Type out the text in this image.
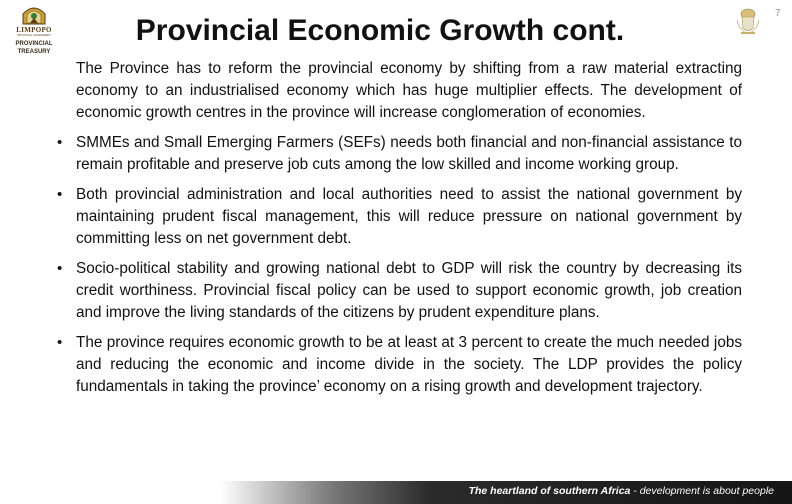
LIMPOPO
PROVINCIAL GOVERNMENT
PROVINCIAL TREASURY
Provincial Economic Growth cont.
7
The Province has to reform the provincial economy by shifting from a raw material extracting economy to an industrialised economy which has huge multiplier effects. The development of economic growth centres in the province will increase conglomeration of economies.
• SMMEs and Small Emerging Farmers (SEFs) needs both financial and non-financial assistance to remain profitable and preserve job cuts among the low skilled and income working group.
• Both provincial administration and local authorities need to assist the national government by maintaining prudent fiscal management, this will reduce pressure on national government by committing less on net government debt.
• Socio-political stability and growing national debt to GDP will risk the country by decreasing its credit worthiness. Provincial fiscal policy can be used to support economic growth, job creation and improve the living standards of the citizens by prudent expenditure plans.
• The province requires economic growth to be at least at 3 percent to create the much needed jobs and reducing the economic and income divide in the society. The LDP provides the policy fundamentals in taking the province’ economy on a rising growth and development trajectory.
The heartland of southern Africa - development is about people
